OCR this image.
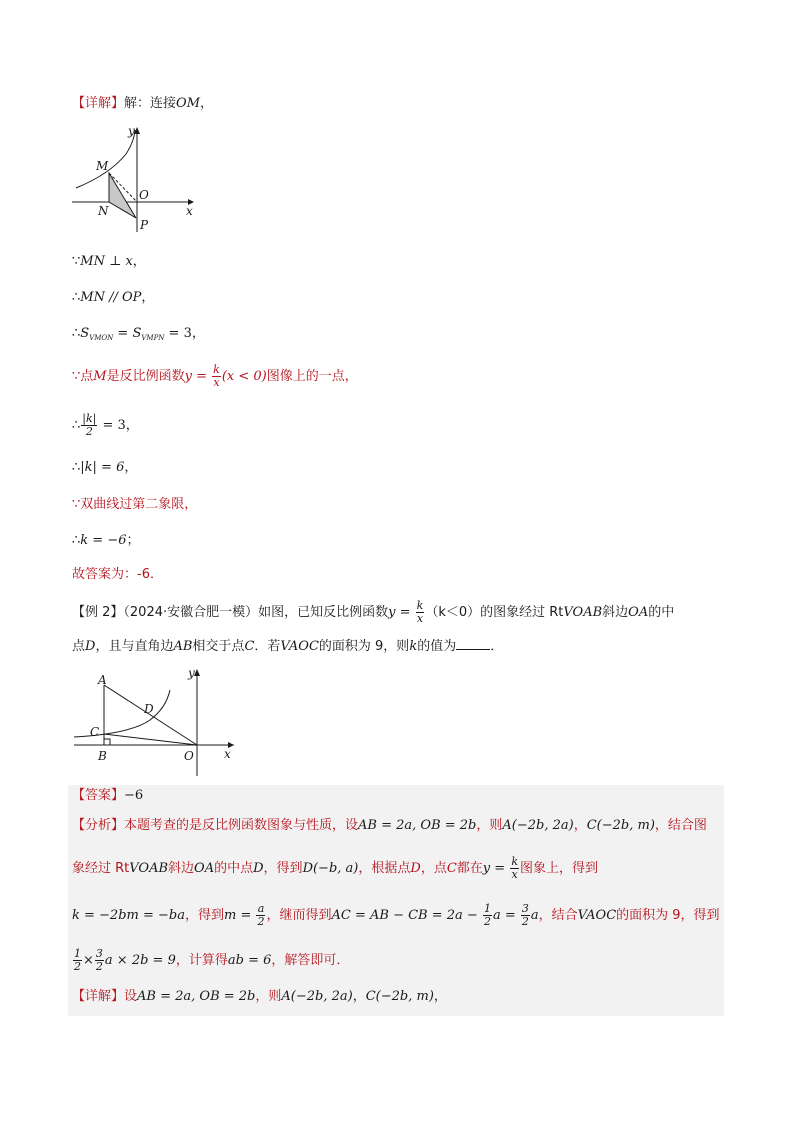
【详解】解：连接OM，
y
x
M
O
N
P
∵MN ⊥ x，
∴MN // OP，
$\therefore S_{VMON} = S_{VMPN} = 3$，
∵点M是反比例函数$y = \frac{k}{x} (x < 0)$图像上的一点，
∴ $\frac{|k|}{2} = 3$，
∴|k| = 6，
∵双曲线过第二象限，
∴k = −6；
故答案为：-6．
【例 2】（2024·安徽合肥一模）如图，已知反比例函数$y = \frac{k}{x} (k<0)$的图象经过 RtVOAB斜边OA的中
点D，且与直角边AB相交于点C．若VAOC的面积为 9，则k的值为	．
y
x
A
D
C
B	O
【答案】−6
【分析】本题考查的是反比例函数图象与性质，设AB = 2a, OB = 2b，则A(−2b, 2a)，C(−2b, m)，结合图
象经过 RtVOAB斜边OA的中点D，得到D(−b, a)，根据点D，点C都在$y = \frac{k}{x}$ 图象上，得到
k = −2bm = −ba，得到$m = \frac{a}{2}$ ，继而得到AC = AB − CB = $2a - \frac{1}{2}$ $a = \frac{3}{2}$ a，结合VAOC的面积为 9，得到
$\frac{1}{2} \times \frac{3}{2}$ a × 2b = 9，计算得ab = 6，解答即可．
【详解】设AB = 2a, OB = 2b，则A(−2b, 2a)，C(−2b, m)，
